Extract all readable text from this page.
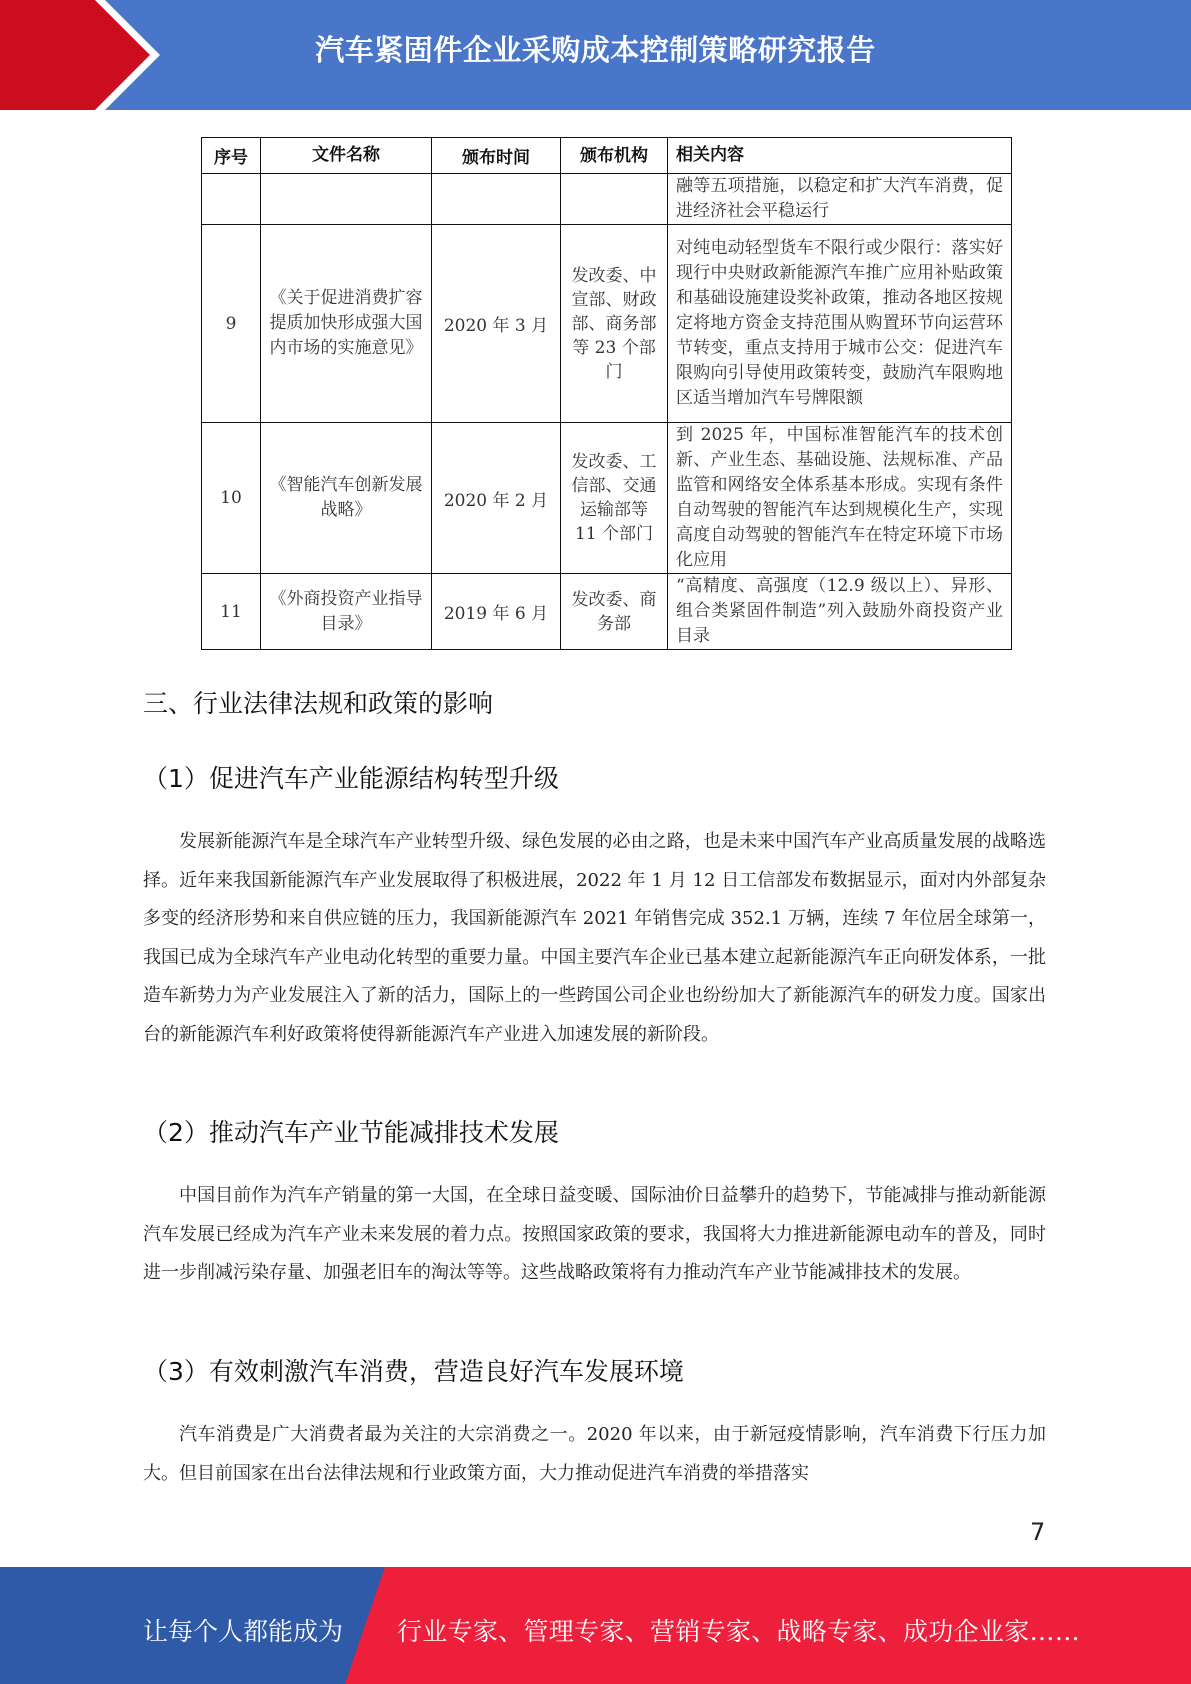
汽车紧固件企业采购成本控制策略研究报告
序号	文件名称	颁布时间	颁布机构	相关内容
				融等五项措施，以稳定和扩大汽车消费，促进经济社会平稳运行
9	《关于促进消费扩容提质加快形成强大国内市场的实施意见》	2020 年 3 月	发改委、中宣部、财政部、商务部等 23 个部门	对纯电动轻型货车不限行或少限行：落实好现行中央财政新能源汽车推广应用补贴政策和基础设施建设奖补政策，推动各地区按规定将地方资金支持范围从购置环节向运营环节转变，重点支持用于城市公交：促进汽车限购向引导使用政策转变，鼓励汽车限购地区适当增加汽车号牌限额
10	《智能汽车创新发展战略》	2020 年 2 月	发改委、工信部、交通运输部等 11 个部门	到 2025 年，中国标准智能汽车的技术创新、产业生态、基础设施、法规标准、产品监管和网络安全体系基本形成。实现有条件自动驾驶的智能汽车达到规模化生产，实现高度自动驾驶的智能汽车在特定环境下市场化应用
11	《外商投资产业指导目录》	2019 年 6 月	发改委、商务部	“高精度、高强度（12.9 级以上）、异形、组合类紧固件制造”列入鼓励外商投资产业目录
三、行业法律法规和政策的影响
（1）促进汽车产业能源结构转型升级

发展新能源汽车是全球汽车产业转型升级、绿色发展的必由之路，也是未来中国汽车产业高质量发展的战略选择。近年来我国新能源汽车产业发展取得了积极进展，2022 年 1 月 12 日工信部发布数据显示，面对内外部复杂多变的经济形势和来自供应链的压力，我国新能源汽车 2021 年销售完成 352.1 万辆，连续 7 年位居全球第一，我国已成为全球汽车产业电动化转型的重要力量。中国主要汽车企业已基本建立起新能源汽车正向研发体系，一批造车新势力为产业发展注入了新的活力，国际上的一些跨国公司企业也纷纷加大了新能源汽车的研发力度。国家出台的新能源汽车利好政策将使得新能源汽车产业进入加速发展的新阶段。

（2）推动汽车产业节能减排技术发展

中国目前作为汽车产销量的第一大国，在全球日益变暖、国际油价日益攀升的趋势下，节能减排与推动新能源汽车发展已经成为汽车产业未来发展的着力点。按照国家政策的要求，我国将大力推进新能源电动车的普及，同时进一步削减污染存量、加强老旧车的淘汰等等。这些战略政策将有力推动汽车产业节能减排技术的发展。

（3）有效刺激汽车消费，营造良好汽车发展环境

汽车消费是广大消费者最为关注的大宗消费之一。2020 年以来，由于新冠疫情影响，汽车消费下行压力加大。但目前国家在出台法律法规和行业政策方面，大力推动促进汽车消费的举措落实

7
让每个人都能成为 行业专家、管理专家、营销专家、战略专家、成功企业家……
